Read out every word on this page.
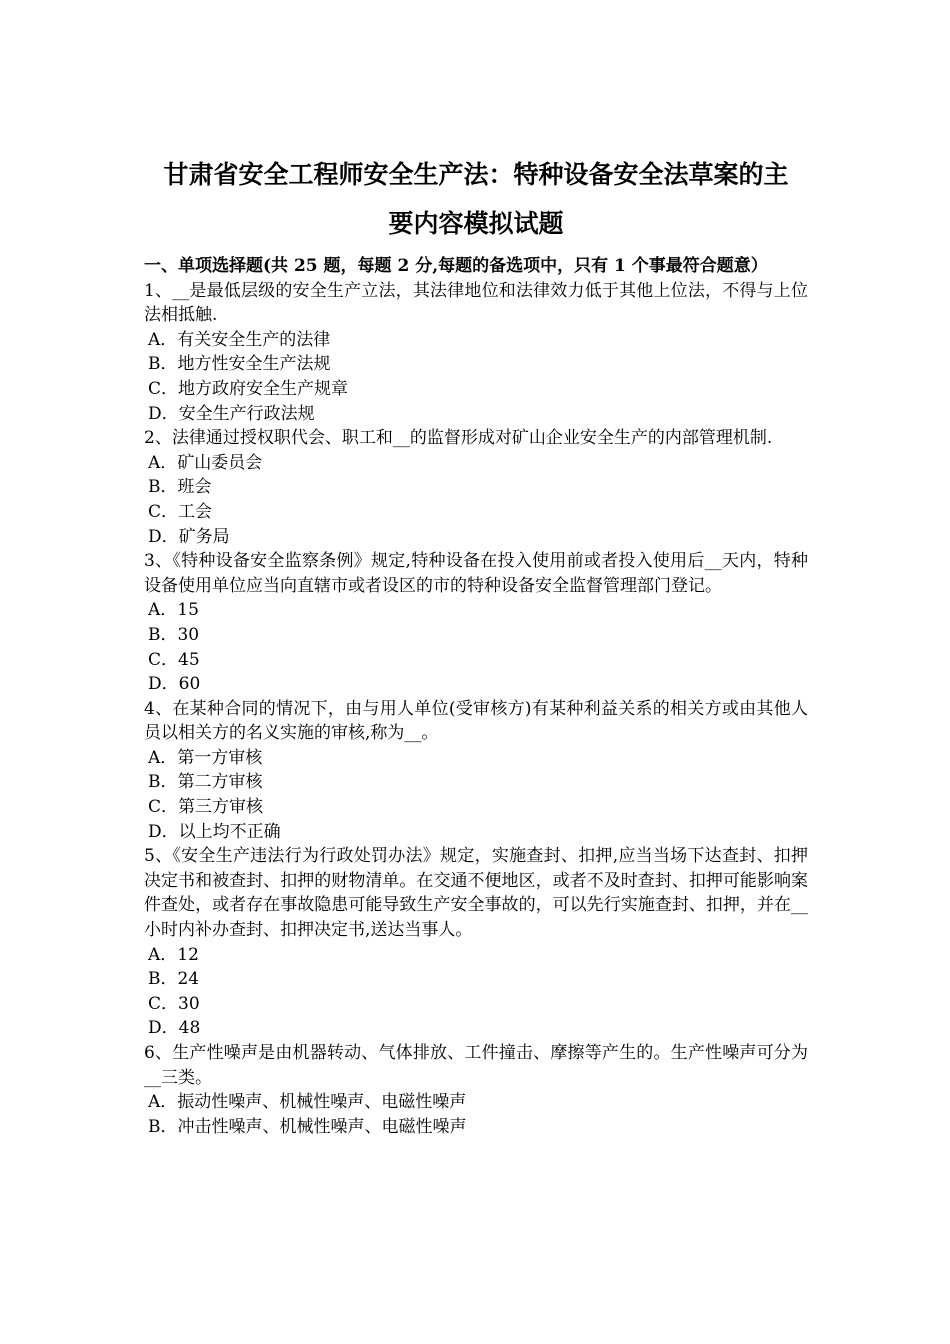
甘肃省安全工程师安全生产法：特种设备安全法草案的主
要内容模拟试题
一、单项选择题(共 25 题，每题 2 分,每题的备选项中，只有 1 个事最符合题意）
1、__是最低层级的安全生产立法，其法律地位和法律效力低于其他上位法，不得与上位法相抵触.
A．有关安全生产的法律
B．地方性安全生产法规
C．地方政府安全生产规章
D．安全生产行政法规
2、法律通过授权职代会、职工和__的监督形成对矿山企业安全生产的内部管理机制.
A．矿山委员会
B．班会
C．工会
D．矿务局
3、《特种设备安全监察条例》规定,特种设备在投入使用前或者投入使用后__天内，特种设备使用单位应当向直辖市或者设区的市的特种设备安全监督管理部门登记。
A．15
B．30
C．45
D．60
4、在某种合同的情况下，由与用人单位(受审核方)有某种利益关系的相关方或由其他人员以相关方的名义实施的审核,称为__。
A．第一方审核
B．第二方审核
C．第三方审核
D．以上均不正确
5、《安全生产违法行为行政处罚办法》规定，实施查封、扣押,应当当场下达查封、扣押决定书和被查封、扣押的财物清单。在交通不便地区，或者不及时查封、扣押可能影响案件查处，或者存在事故隐患可能导致生产安全事故的，可以先行实施查封、扣押，并在__小时内补办查封、扣押决定书,送达当事人。
A．12
B．24
C．30
D．48
6、生产性噪声是由机器转动、气体排放、工件撞击、摩擦等产生的。生产性噪声可分为__三类。
A．振动性噪声、机械性噪声、电磁性噪声
B．冲击性噪声、机械性噪声、电磁性噪声
